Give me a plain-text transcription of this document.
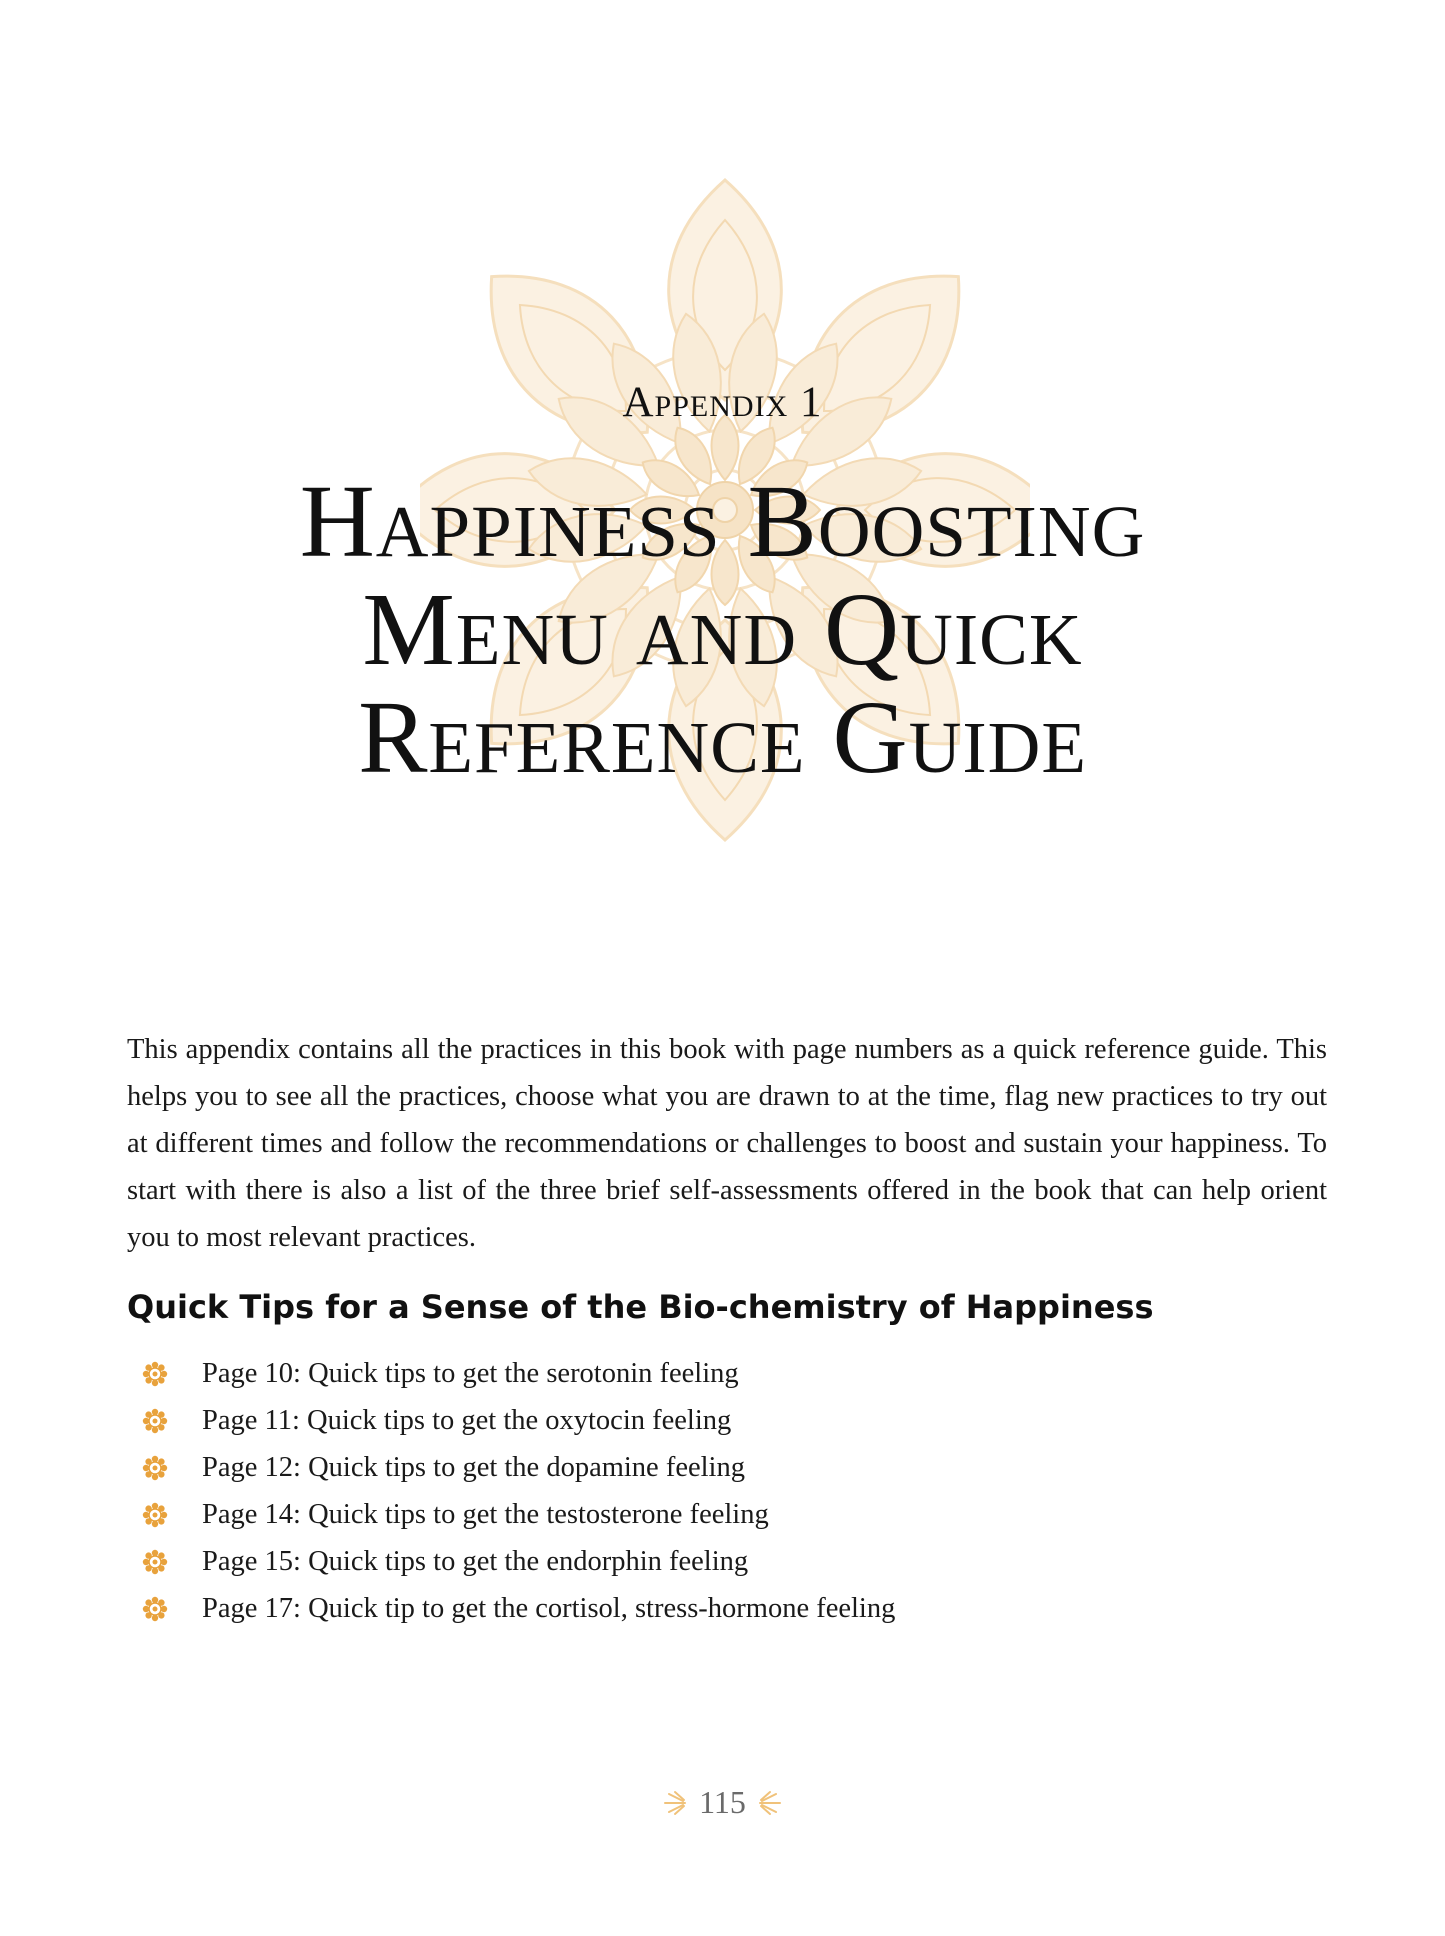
Appendix 1
Happiness Boosting
Menu and Quick
Reference Guide

This appendix contains all the practices in this book with page numbers as a quick reference guide. This helps you to see all the practices, choose what you are drawn to at the time, flag new practices to try out at different times and follow the recommendations or challenges to boost and sustain your happiness. To start with there is also a list of the three brief self-assessments offered in the book that can help orient you to most relevant practices.

Quick Tips for a Sense of the Bio-chemistry of Happiness
Page 10: Quick tips to get the serotonin feeling
Page 11: Quick tips to get the oxytocin feeling
Page 12: Quick tips to get the dopamine feeling
Page 14: Quick tips to get the testosterone feeling
Page 15: Quick tips to get the endorphin feeling
Page 17: Quick tip to get the cortisol, stress-hormone feeling
115
